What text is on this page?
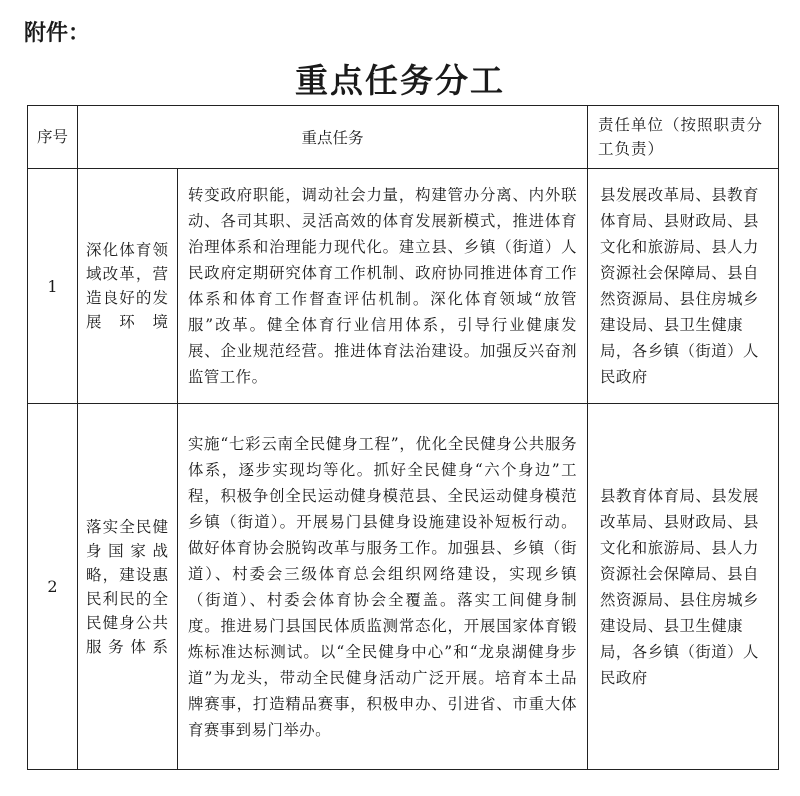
附件：
重点任务分工
序号	重点任务		责任单位（按照职责分工负责）
1	深化体育领域改革，营造良好的发展环境	转变政府职能，调动社会力量，构建管办分离、内外联动、各司其职、灵活高效的体育发展新模式，推进体育治理体系和治理能力现代化。建立县、乡镇（街道）人民政府定期研究体育工作机制、政府协同推进体育工作体系和体育工作督查评估机制。深化体育领域“放管服”改革。健全体育行业信用体系，引导行业健康发展、企业规范经营。推进体育法治建设。加强反兴奋剂监管工作。	县发展改革局、县教育体育局、县财政局、县文化和旅游局、县人力资源社会保障局、县自然资源局、县住房城乡建设局、县卫生健康局，各乡镇（街道）人民政府
2	落实全民健身国家战略，建设惠民利民的全民健身公共服务体系	实施“七彩云南全民健身工程”，优化全民健身公共服务体系，逐步实现均等化。抓好全民健身“六个身边”工程，积极争创全民运动健身模范县、全民运动健身模范乡镇（街道）。开展易门县健身设施建设补短板行动。做好体育协会脱钩改革与服务工作。加强县、乡镇（街道）、村委会三级体育总会组织网络建设，实现乡镇（街道）、村委会体育协会全覆盖。落实工间健身制度。推进易门县国民体质监测常态化，开展国家体育锻炼标准达标测试。以“全民健身中心”和“龙泉湖健身步道”为龙头，带动全民健身活动广泛开展。培育本土品牌赛事，打造精品赛事，积极申办、引进省、市重大体育赛事到易门举办。	县教育体育局、县发展改革局、县财政局、县文化和旅游局、县人力资源社会保障局、县自然资源局、县住房城乡建设局、县卫生健康局，各乡镇（街道）人民政府
